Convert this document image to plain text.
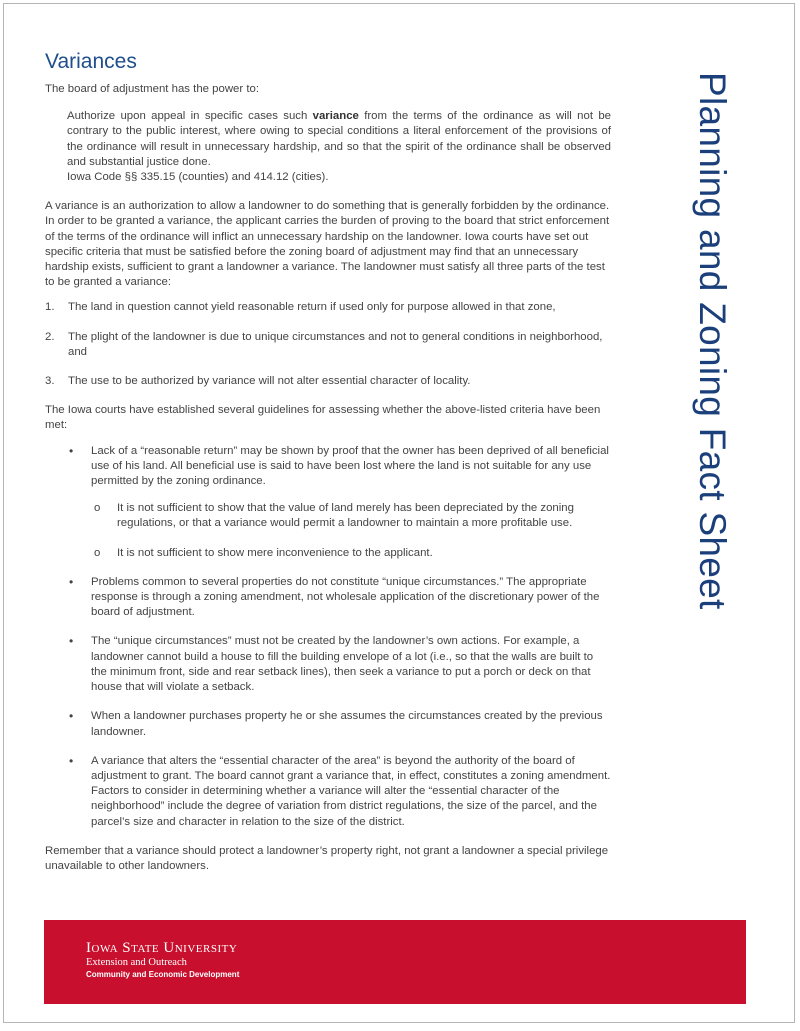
Variances

The board of adjustment has the power to:

Authorize upon appeal in specific cases such variance from the terms of the ordinance as will not be contrary to the public interest, where owing to special conditions a literal enforcement of the provisions of the ordinance will result in unnecessary hardship, and so that the spirit of the ordinance shall be observed and substantial justice done.
Iowa Code §§ 335.15 (counties) and 414.12 (cities).

A variance is an authorization to allow a landowner to do something that is generally forbidden by the ordinance. In order to be granted a variance, the applicant carries the burden of proving to the board that strict enforcement of the terms of the ordinance will inflict an unnecessary hardship on the landowner. Iowa courts have set out specific criteria that must be satisfied before the zoning board of adjustment may find that an unnecessary hardship exists, sufficient to grant a landowner a variance. The landowner must satisfy all three parts of the test to be granted a variance:

1. The land in question cannot yield reasonable return if used only for purpose allowed in that zone,
2. The plight of the landowner is due to unique circumstances and not to general conditions in neighborhood, and
3. The use to be authorized by variance will not alter essential character of locality.

The Iowa courts have established several guidelines for assessing whether the above-listed criteria have been met:

• Lack of a “reasonable return” may be shown by proof that the owner has been deprived of all beneficial use of his land. All beneficial use is said to have been lost where the land is not suitable for any use permitted by the zoning ordinance.
o It is not sufficient to show that the value of land merely has been depreciated by the zoning regulations, or that a variance would permit a landowner to maintain a more profitable use.
o It is not sufficient to show mere inconvenience to the applicant.
• Problems common to several properties do not constitute “unique circumstances.” The appropriate response is through a zoning amendment, not wholesale application of the discretionary power of the board of adjustment.
• The “unique circumstances” must not be created by the landowner’s own actions. For example, a landowner cannot build a house to fill the building envelope of a lot (i.e., so that the walls are built to the minimum front, side and rear setback lines), then seek a variance to put a porch or deck on that house that will violate a setback.
• When a landowner purchases property he or she assumes the circumstances created by the previous landowner.
• A variance that alters the “essential character of the area” is beyond the authority of the board of adjustment to grant. The board cannot grant a variance that, in effect, constitutes a zoning amendment. Factors to consider in determining whether a variance will alter the “essential character of the neighborhood” include the degree of variation from district regulations, the size of the parcel, and the parcel’s size and character in relation to the size of the district.

Remember that a variance should protect a landowner’s property right, not grant a landowner a special privilege unavailable to other landowners.

Planning and Zoning Fact Sheet
Iowa State University
Extension and Outreach
Community and Economic Development
